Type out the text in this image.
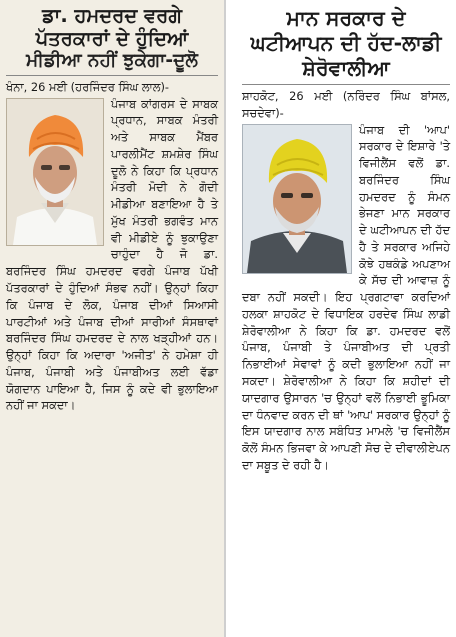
ਡਾ. ਹਮਦਰਦ ਵਰਗੇ ਪੱਤਰਕਾਰਾਂ ਦੇ ਹੁੰਦਿਆਂ
ਮੀਡੀਆ ਨਹੀਂ ਝੁਕੇਗਾ-ਦੂਲੋ
ਖੰਨਾ, 26 ਮਈ (ਹਰਜਿੰਦਰ ਸਿੰਘ ਲਾਲ)-

ਪੰਜਾਬ ਕਾਂਗਰਸ ਦੇ ਸਾਬਕ ਪ੍ਰਧਾਨ, ਸਾਬਕ ਮੰਤਰੀ ਅਤੇ ਸਾਬਕ ਮੈਂਬਰ ਪਾਰਲੀਮੈਂਟ ਸ਼ਮਸ਼ੇਰ ਸਿੰਘ ਦੂਲੋ ਨੇ ਕਿਹਾ ਕਿ ਪ੍ਰਧਾਨ ਮੰਤਰੀ ਮੋਦੀ ਨੇ ਗੋਦੀ ਮੀਡੀਆ ਬਣਾਇਆ ਹੈ ਤੇ ਮੁੱਖ ਮੰਤਰੀ ਭਗਵੰਤ ਮਾਨ ਵੀ ਮੀਡੀਏ ਨੂੰ ਝੁਕਾਉਣਾ ਚਾਹੁੰਦਾ ਹੈ ਜੋ ਡਾ. ਬਰਜਿੰਦਰ ਸਿੰਘ ਹਮਦਰਦ ਵਰਗੇ ਪੰਜਾਬ ਪੱਖੀ ਪੱਤਰਕਾਰਾਂ ਦੇ ਹੁੰਦਿਆਂ ਸੰਭਵ ਨਹੀਂ। ਉਨ੍ਹਾਂ ਕਿਹਾ ਕਿ ਪੰਜਾਬ ਦੇ ਲੋਕ, ਪੰਜਾਬ ਦੀਆਂ ਸਿਆਸੀ ਪਾਰਟੀਆਂ ਅਤੇ ਪੰਜਾਬ ਦੀਆਂ ਸਾਰੀਆਂ ਸੰਸਥਾਵਾਂ ਬਰਜਿੰਦਰ ਸਿੰਘ ਹਮਦਰਦ ਦੇ ਨਾਲ ਖੜ੍ਹੀਆਂ ਹਨ। ਉਨ੍ਹਾਂ ਕਿਹਾ ਕਿ ਅਦਾਰਾ 'ਅਜੀਤ' ਨੇ ਹਮੇਸ਼ਾ ਹੀ ਪੰਜਾਬ, ਪੰਜਾਬੀ ਅਤੇ ਪੰਜਾਬੀਅਤ ਲਈ ਵੱਡਾ ਯੋਗਦਾਨ ਪਾਇਆ ਹੈ, ਜਿਸ ਨੂੰ ਕਦੇ ਵੀ ਭੁਲਾਇਆ ਨਹੀਂ ਜਾ ਸਕਦਾ।

ਮਾਨ ਸਰਕਾਰ ਦੇ ਘਟੀਆਪਨ ਦੀ ਹੱਦ-ਲਾਡੀ ਸ਼ੇਰੋਵਾਲੀਆ
ਸ਼ਾਹਕੋਟ, 26 ਮਈ (ਨਰਿੰਦਰ ਸਿੰਘ ਬਾਂਸਲ, ਸਚਦੇਵਾ)-

ਪੰਜਾਬ ਦੀ 'ਆਪ' ਸਰਕਾਰ ਦੇ ਇਸ਼ਾਰੇ 'ਤੇ ਵਿਜੀਲੈਂਸ ਵਲੋਂ ਡਾ. ਬਰਜਿੰਦਰ ਸਿੰਘ ਹਮਦਰਦ ਨੂੰ ਸੰਮਨ ਭੇਜਣਾ ਮਾਨ ਸਰਕਾਰ ਦੇ ਘਟੀਆਪਨ ਦੀ ਹੱਦ ਹੈ ਤੇ ਸਰਕਾਰ ਅਜਿਹੇ ਕੋਝੇ ਹਥਕੰਡੇ ਅਪਣਾਅ ਕੇ ਸੱਚ ਦੀ ਆਵਾਜ਼ ਨੂੰ ਦਬਾ ਨਹੀਂ ਸਕਦੀ। ਇਹ ਪ੍ਰਗਟਾਵਾ ਕਰਦਿਆਂ ਹਲਕਾ ਸ਼ਾਹਕੋਟ ਦੇ ਵਿਧਾਇਕ ਹਰਦੇਵ ਸਿੰਘ ਲਾਡੀ ਸ਼ੇਰੋਵਾਲੀਆ ਨੇ ਕਿਹਾ ਕਿ ਡਾ. ਹਮਦਰਦ ਵਲੋਂ ਪੰਜਾਬ, ਪੰਜਾਬੀ ਤੇ ਪੰਜਾਬੀਅਤ ਦੀ ਪ੍ਰਤੀ ਨਿਭਾਈਆਂ ਸੇਵਾਵਾਂ ਨੂੰ ਕਦੀ ਭੁਲਾਇਆ ਨਹੀਂ ਜਾ ਸਕਦਾ। ਸ਼ੇਰੋਵਾਲੀਆ ਨੇ ਕਿਹਾ ਕਿ ਸ਼ਹੀਦਾਂ ਦੀ ਯਾਦਗਾਰ ਉਸਾਰਨ 'ਚ ਉਨ੍ਹਾਂ ਵਲੋਂ ਨਿਭਾਈ ਭੂਮਿਕਾ ਦਾ ਧੰਨਵਾਦ ਕਰਨ ਦੀ ਥਾਂ 'ਆਪ' ਸਰਕਾਰ ਉਨ੍ਹਾਂ ਨੂੰ ਇਸ ਯਾਦਗਾਰ ਨਾਲ ਸਬੰਧਿਤ ਮਾਮਲੇ 'ਚ ਵਿਜੀਲੈਂਸ ਕੋਲੋਂ ਸੰਮਨ ਭਿਜਵਾ ਕੇ ਆਪਣੀ ਸੋਚ ਦੇ ਦੀਵਾਲੀਏਪਨ ਦਾ ਸਬੂਤ ਦੇ ਰਹੀ ਹੈ।
